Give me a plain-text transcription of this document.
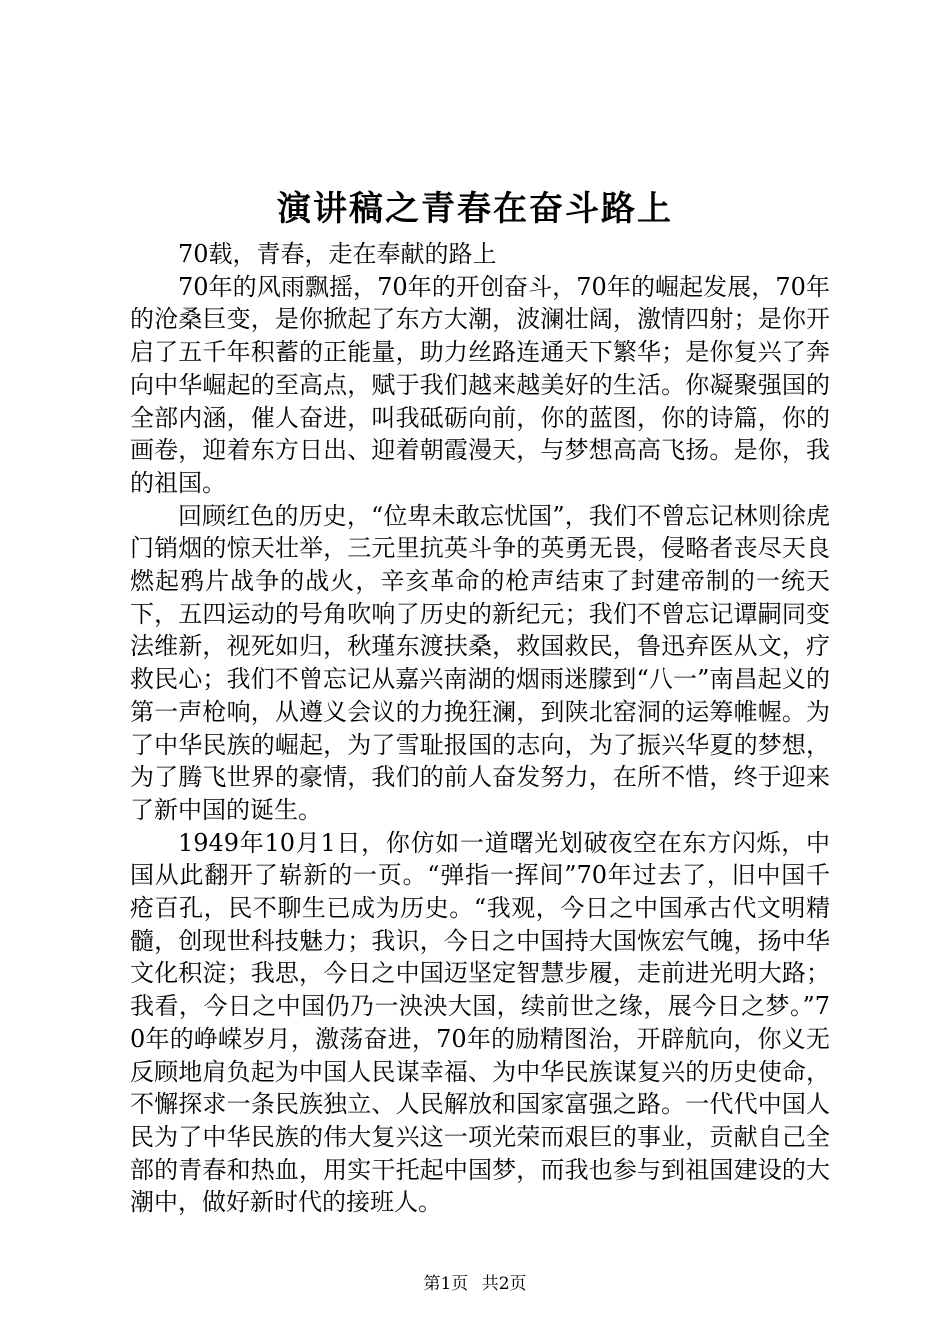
演讲稿之青春在奋斗路上

70载，青春，走在奉献的路上

70年的风雨飘摇，70年的开创奋斗，70年的崛起发展，70年的沧桑巨变，是你掀起了东方大潮，波澜壮阔，激情四射；是你开启了五千年积蓄的正能量，助力丝路连通天下繁华；是你复兴了奔向中华崛起的至高点，赋于我们越来越美好的生活。你凝聚强国的全部内涵，催人奋进，叫我砥砺向前，你的蓝图，你的诗篇，你的画卷，迎着东方日出、迎着朝霞漫天，与梦想高高飞扬。是你，我的祖国。

回顾红色的历史，“位卑未敢忘忧国”，我们不曾忘记林则徐虎门销烟的惊天壮举，三元里抗英斗争的英勇无畏，侵略者丧尽天良燃起鸦片战争的战火，辛亥革命的枪声结束了封建帝制的一统天下，五四运动的号角吹响了历史的新纪元；我们不曾忘记谭嗣同变法维新，视死如归，秋瑾东渡扶桑，救国救民，鲁迅弃医从文，疗救民心；我们不曾忘记从嘉兴南湖的烟雨迷朦到“八一”南昌起义的第一声枪响，从遵义会议的力挽狂澜，到陕北窑洞的运筹帷幄。为了中华民族的崛起，为了雪耻报国的志向，为了振兴华夏的梦想，为了腾飞世界的豪情，我们的前人奋发努力，在所不惜，终于迎来了新中国的诞生。

1949年10月1日，你仿如一道曙光划破夜空在东方闪烁，中国从此翻开了崭新的一页。“弹指一挥间”70年过去了，旧中国千疮百孔，民不聊生已成为历史。“我观，今日之中国承古代文明精髓，创现世科技魅力；我识，今日之中国持大国恢宏气魄，扬中华文化积淀；我思，今日之中国迈坚定智慧步履，走前进光明大路；我看，今日之中国仍乃一泱泱大国，续前世之缘，展今日之梦。”70年的峥嵘岁月，激荡奋进，70年的励精图治，开辟航向，你义无反顾地肩负起为中国人民谋幸福、为中华民族谋复兴的历史使命，不懈探求一条民族独立、人民解放和国家富强之路。一代代中国人民为了中华民族的伟大复兴这一项光荣而艰巨的事业，贡献自己全部的青春和热血，用实干托起中国梦，而我也参与到祖国建设的大潮中，做好新时代的接班人。

第1页 共2页
